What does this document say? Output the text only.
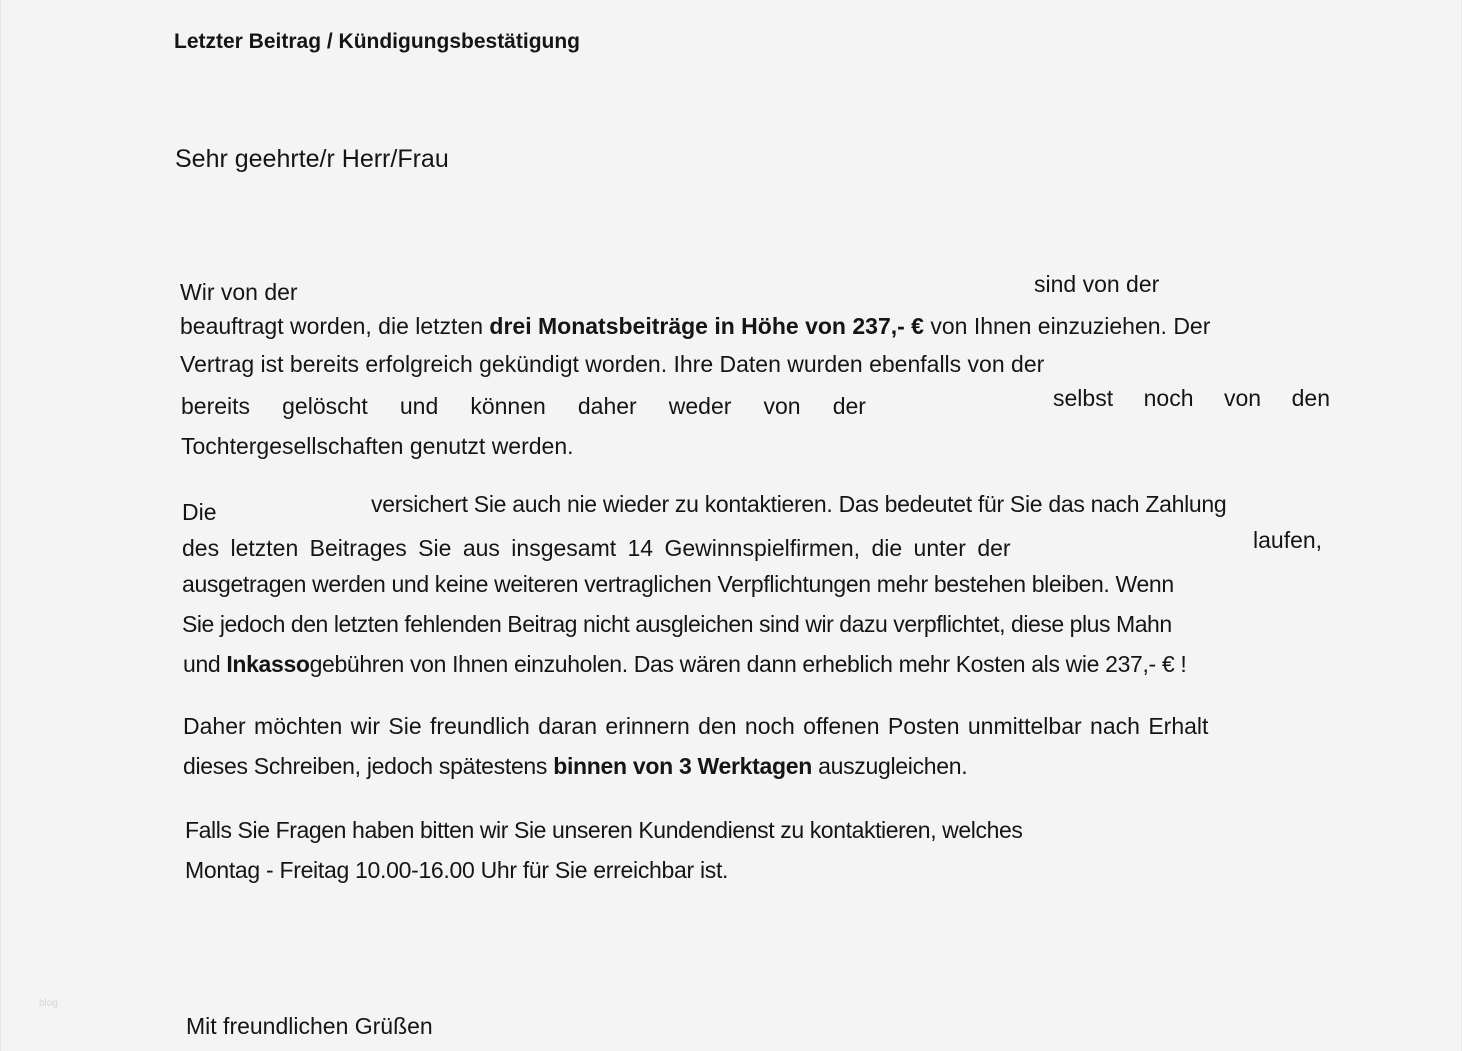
Letzter Beitrag / Kündigungsbestätigung
Sehr geehrte/r Herr/Frau
Wir von der	sind von der
beauftragt worden, die letzten drei Monatsbeiträge in Höhe von 237,- € von Ihnen einzuziehen. Der
Vertrag ist bereits erfolgreich gekündigt worden. Ihre Daten wurden ebenfalls von der
bereits gelöscht und können daher weder von der	selbst noch von den
Tochtergesellschaften genutzt werden.
Die	versichert Sie auch nie wieder zu kontaktieren. Das bedeutet für Sie das nach Zahlung
des letzten Beitrages Sie aus insgesamt 14 Gewinnspielfirmen, die unter der	laufen,
ausgetragen werden und keine weiteren vertraglichen Verpflichtungen mehr bestehen bleiben. Wenn
Sie jedoch den letzten fehlenden Beitrag nicht ausgleichen sind wir dazu verpflichtet, diese plus Mahn
und Inkassogebühren von Ihnen einzuholen. Das wären dann erheblich mehr Kosten als wie 237,- € !
Daher möchten wir Sie freundlich daran erinnern den noch offenen Posten unmittelbar nach Erhalt
dieses Schreiben, jedoch spätestens binnen von 3 Werktagen auszugleichen.
Falls Sie Fragen haben bitten wir Sie unseren Kundendienst zu kontaktieren, welches
Montag - Freitag 10.00-16.00 Uhr für Sie erreichbar ist.
Mit freundlichen Grüßen
blog
